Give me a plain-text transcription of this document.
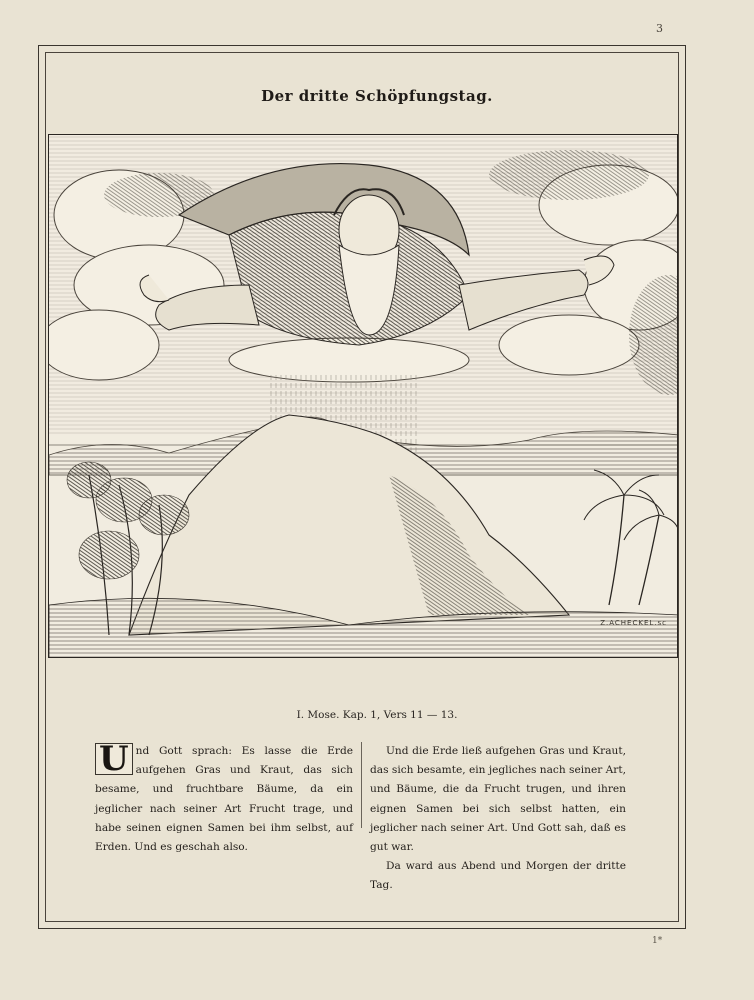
3
Der dritte Schöpfungstag.
Z.ACHECKEL.sc
I. Mose. Kap. 1, Vers 11 — 13.
U nd Gott sprach: Es lasse die Erde aufgehen Gras und Kraut, das sich besame, und fruchtbare Bäume, da ein jeglicher nach seiner Art Frucht trage, und habe seinen eignen Samen bei ihm selbst, auf Erden. Und es geschah also.

Und die Erde ließ aufgehen Gras und Kraut, das sich besamte, ein jegliches nach seiner Art, und Bäume, die da Frucht trugen, und ihren eignen Samen bei sich selbst hatten, ein jeglicher nach seiner Art. Und Gott sah, daß es gut war.

Da ward aus Abend und Morgen der dritte Tag.

1*
